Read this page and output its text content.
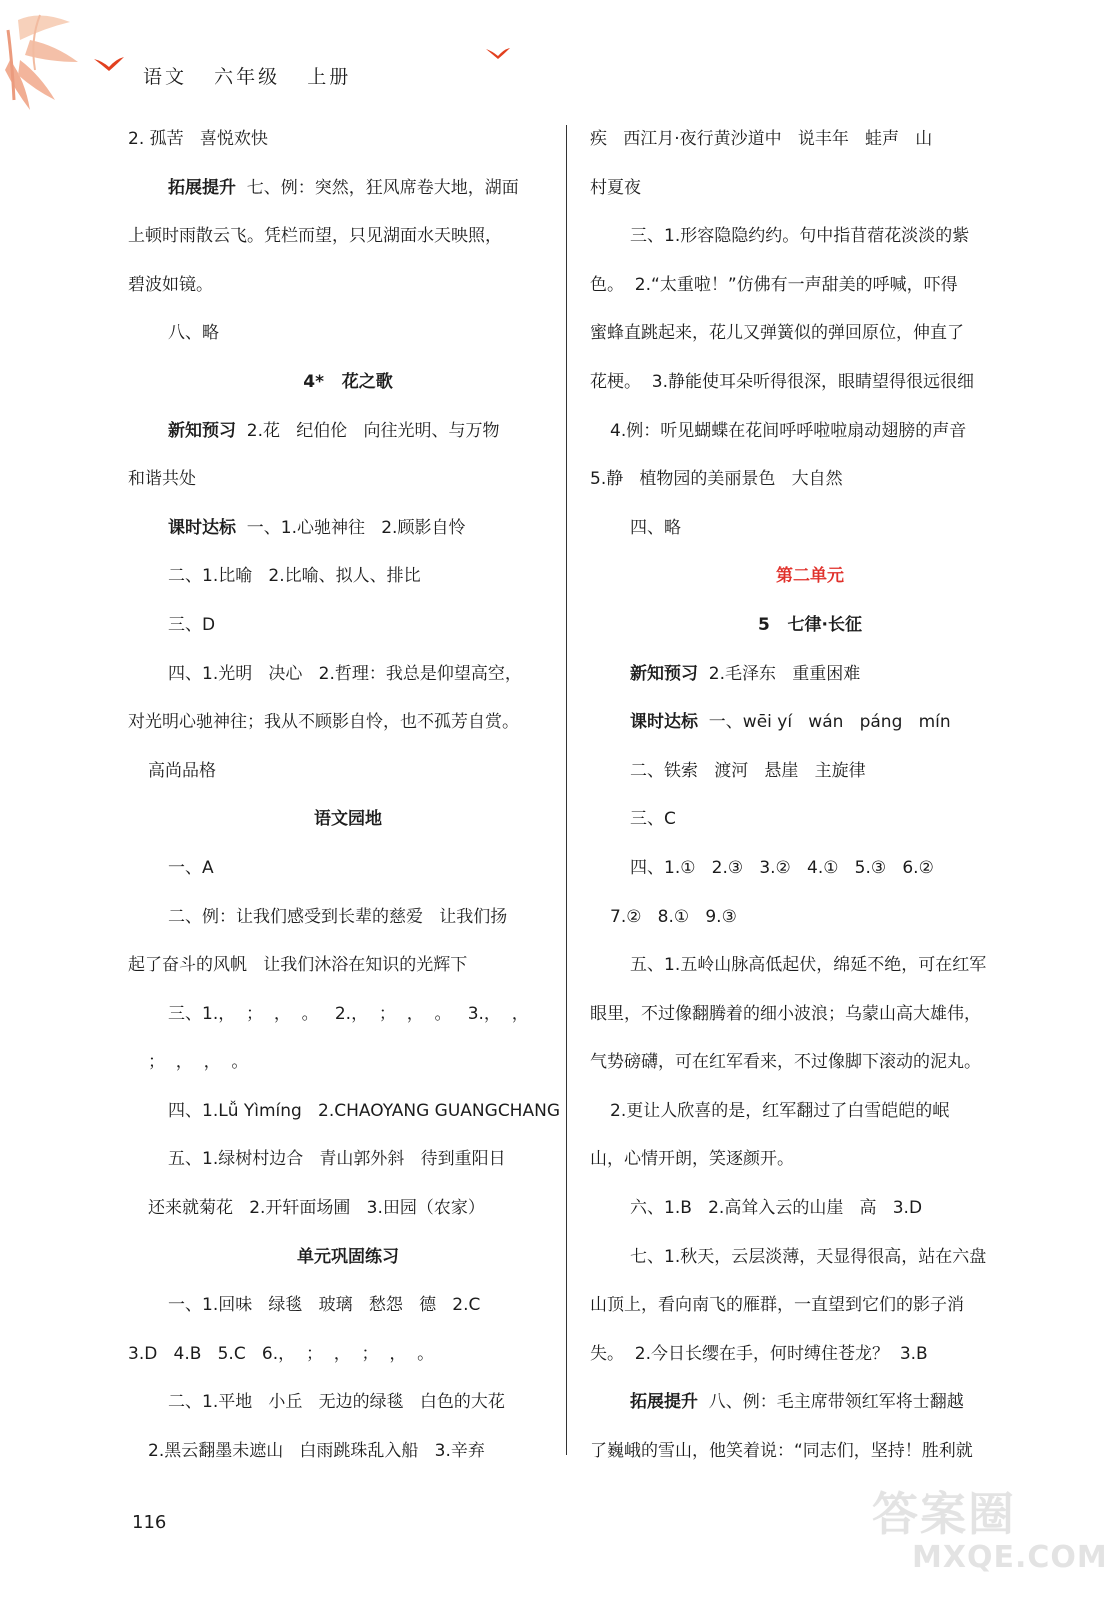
语文   六年级   上册
2. 孤苦   喜悦欢快
拓展提升  七、例：突然，狂风席卷大地，湖面
上顿时雨散云飞。凭栏而望，只见湖面水天映照，
碧波如镜。
八、略
4*   花之歌
新知预习  2.花   纪伯伦   向往光明、与万物
和谐共处
课时达标  一、1.心驰神往   2.顾影自怜
二、1.比喻   2.比喻、拟人、排比
三、D
四、1.光明   决心   2.哲理：我总是仰望高空，
对光明心驰神往；我从不顾影自怜，也不孤芳自赏。
高尚品格
语文园地
一、A
二、例：让我们感受到长辈的慈爱   让我们扬
起了奋斗的风帆   让我们沐浴在知识的光辉下
三、1.，  ；  ，  。   2.，  ；  ，  。   3.，  ，
；  ，  ，  。
四、1.Lǚ Yìmíng   2.CHAOYANG GUANGCHANG
五、1.绿树村边合   青山郭外斜   待到重阳日
还来就菊花   2.开轩面场圃   3.田园（农家）
单元巩固练习
一、1.回味   绿毯   玻璃   愁怨   德   2.C
3.D   4.B   5.C   6.，  ；  ，  ；  ，  。
二、1.平地   小丘   无边的绿毯   白色的大花
2.黑云翻墨未遮山   白雨跳珠乱入船   3.辛弃
疾   西江月·夜行黄沙道中   说丰年   蛙声   山
村夏夜
三、1.形容隐隐约约。句中指苜蓿花淡淡的紫
色。  2.“太重啦！”仿佛有一声甜美的呼喊，吓得
蜜蜂直跳起来，花儿又弹簧似的弹回原位，伸直了
花梗。  3.静能使耳朵听得很深，眼睛望得很远很细
4.例：听见蝴蝶在花间呼呼啦啦扇动翅膀的声音
5.静   植物园的美丽景色   大自然
四、略
第二单元
5   七律·长征
新知预习  2.毛泽东   重重困难
课时达标  一、wēi yí   wán   páng   mín
二、铁索   渡河   悬崖   主旋律
三、C
四、1.①   2.③   3.②   4.①   5.③   6.②
7.②   8.①   9.③
五、1.五岭山脉高低起伏，绵延不绝，可在红军
眼里，不过像翻腾着的细小波浪；乌蒙山高大雄伟，
气势磅礴，可在红军看来，不过像脚下滚动的泥丸。
2.更让人欣喜的是，红军翻过了白雪皑皑的岷
山，心情开朗，笑逐颜开。
六、1.B   2.高耸入云的山崖   高   3.D
七、1.秋天，云层淡薄，天显得很高，站在六盘
山顶上，看向南飞的雁群，一直望到它们的影子消
失。  2.今日长缨在手，何时缚住苍龙？  3.B
拓展提升  八、例：毛主席带领红军将士翻越
了巍峨的雪山，他笑着说：“同志们，坚持！胜利就
116	答案圈
MXQE.COM
